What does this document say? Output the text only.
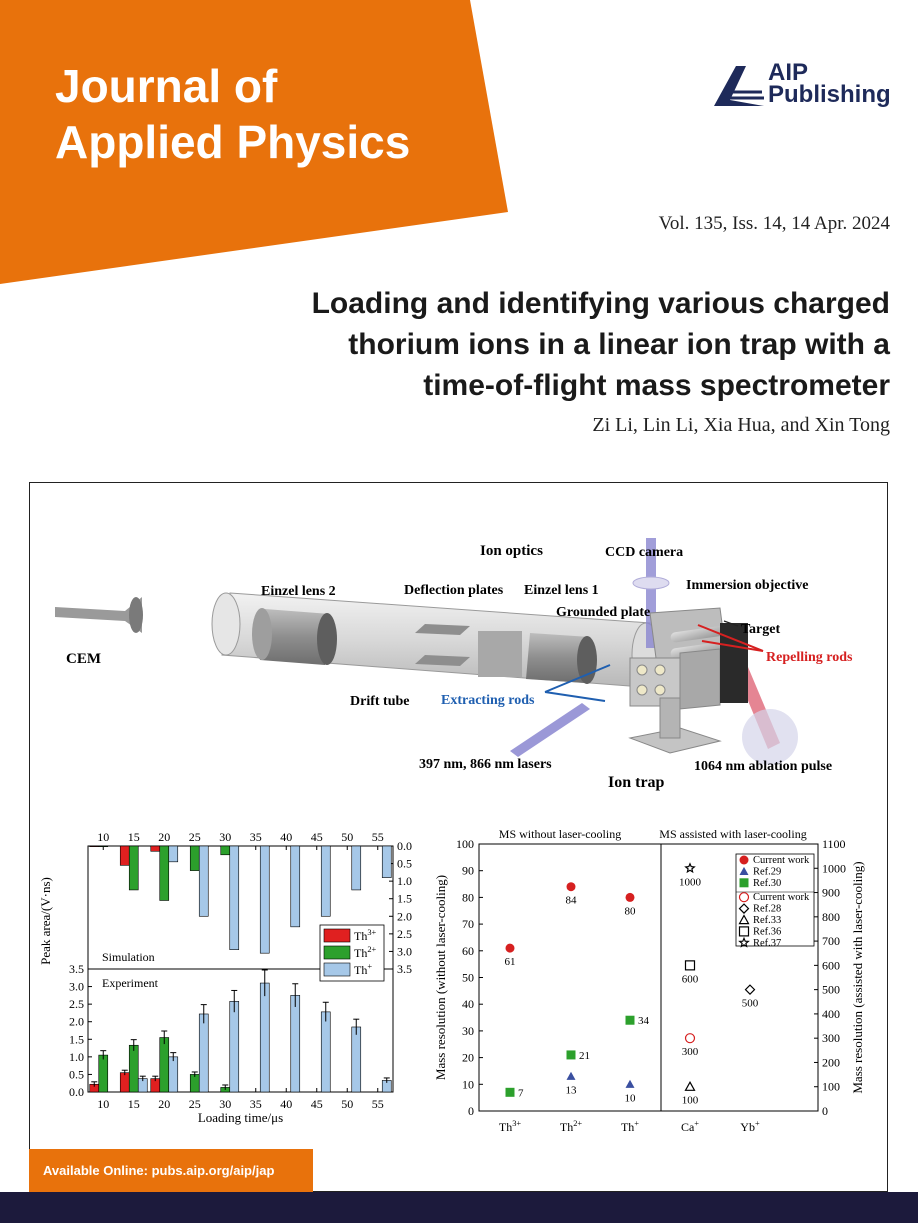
Journal of
Applied Physics
AIP
Publishing
Vol. 135, Iss. 14, 14 Apr. 2024
Loading and identifying various charged
thorium ions in a linear ion trap with a
time-of-flight mass spectrometer
Zi Li, Lin Li, Xia Hua, and Xin Tong
Ion optics	CCD camera
Immersion objective
Einzel lens 2	Deflection plates Einzel lens 1
Grounded plate
Target
Repelling rods
CEM
Drift tube Extracting rods
397 nm, 866 nm lasers
Ion trap
1064 nm ablation pulse
10
10
15
15
20
20
25
25
30
30
35
35
40
40
45
45
50
50
55
55
0.0
0.0
0.5
0.5
1.0
1.0
1.5
1.5
2.0
2.0
2.5
2.5
3.0
3.0
3.5	3.5
Simulation
Experiment
$Th^{3+}$
$Th^{2+}$
Th+
Peak area/(V·ns)
Loading time/μs
MS without laser-cooling	MS assisted with laser-cooling
0
10
20
30
40
50
60
70
80
90
100
0
100
200
300
400
500
600
700
800
900
1000
1100
$Th^{3+}$	$Th^{2+}$	Th+	Ca+	Yb+
Mass resolution (without laser-cooling)	Mass resolution (assisted with laser-cooling)
61
84
80
13
10
7
21
34
300
500
100
600
1000
Current work
Ref.29
Ref.30
Current work
Ref.28
Ref.33
Ref.36
Ref.37
Available Online: pubs.aip.org/aip/jap
